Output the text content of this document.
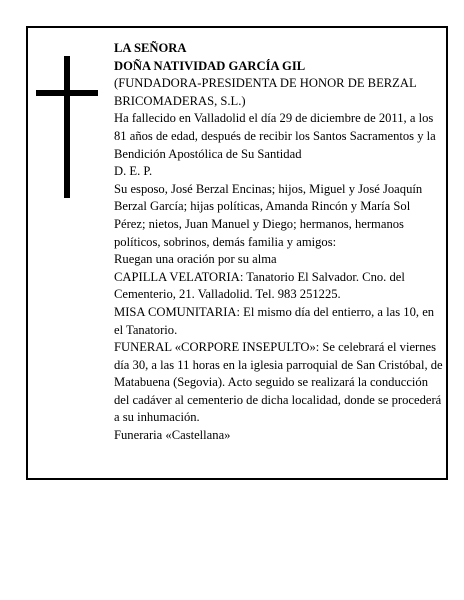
LA SEÑORA

DOÑA NATIVIDAD GARCÍA GIL

(FUNDADORA-PRESIDENTA DE HONOR DE BERZAL BRICOMADERAS, S.L.)

Ha fallecido en Valladolid el día 29 de diciembre de 2011, a los 81 años de edad, después de recibir los Santos Sacramentos y la Bendición Apostólica de Su Santidad

D. E. P.

Su esposo, José Berzal Encinas; hijos, Miguel y José Joaquín Berzal García; hijas políticas, Amanda Rincón y María Sol Pérez; nietos, Juan Manuel y Diego; hermanos, hermanos políticos, sobrinos, demás familia y amigos:

Ruegan una oración por su alma

CAPILLA VELATORIA: Tanatorio El Salvador. Cno. del Cementerio, 21. Valladolid. Tel. 983 251225.

MISA COMUNITARIA: El mismo día del entierro, a las 10, en el Tanatorio.

FUNERAL «CORPORE INSEPULTO»: Se celebrará el viernes día 30, a las 11 horas en la iglesia parroquial de San Cristóbal, de Matabuena (Segovia). Acto seguido se realizará la conducción del cadáver al cementerio de dicha localidad, donde se procederá a su inhumación.

Funeraria «Castellana»
